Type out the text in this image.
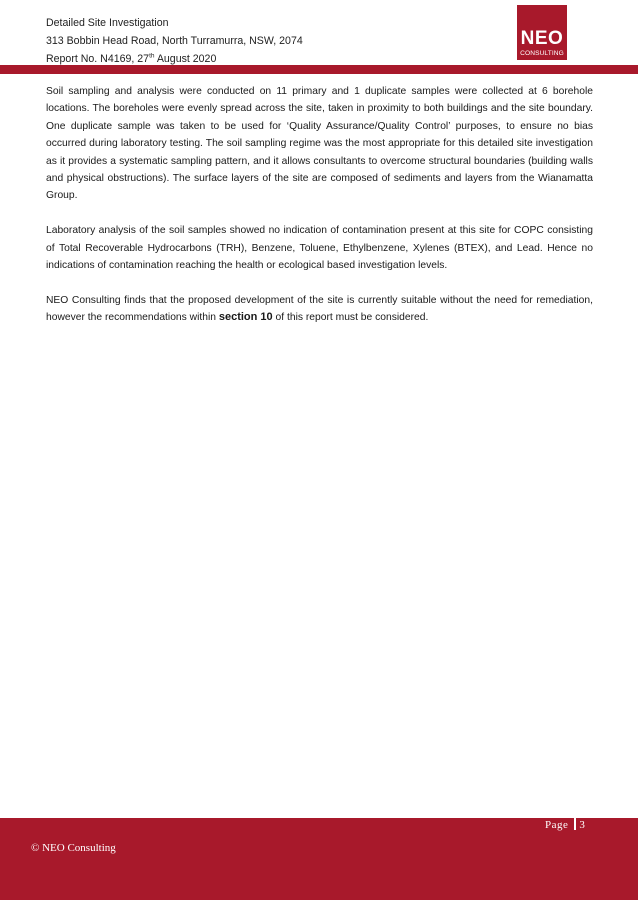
Detailed Site Investigation
313 Bobbin Head Road, North Turramurra, NSW, 2074
Report No. N4169, 27th August 2020
NEO
CONSULTING

Soil sampling and analysis were conducted on 11 primary and 1 duplicate samples were collected at 6 borehole locations. The boreholes were evenly spread across the site, taken in proximity to both buildings and the site boundary. One duplicate sample was taken to be used for ‘Quality Assurance/Quality Control’ purposes, to ensure no bias occurred during laboratory testing. The soil sampling regime was the most appropriate for this detailed site investigation as it provides a systematic sampling pattern, and it allows consultants to overcome structural boundaries (building walls and physical obstructions). The surface layers of the site are composed of sediments and layers from the Wianamatta Group.

Laboratory analysis of the soil samples showed no indication of contamination present at this site for COPC consisting of Total Recoverable Hydrocarbons (TRH), Benzene, Toluene, Ethylbenzene, Xylenes (BTEX), and Lead. Hence no indications of contamination reaching the health or ecological based investigation levels.

NEO Consulting finds that the proposed development of the site is currently suitable without the need for remediation, however the recommendations within section 10 of this report must be considered.

Page 3
© NEO Consulting
